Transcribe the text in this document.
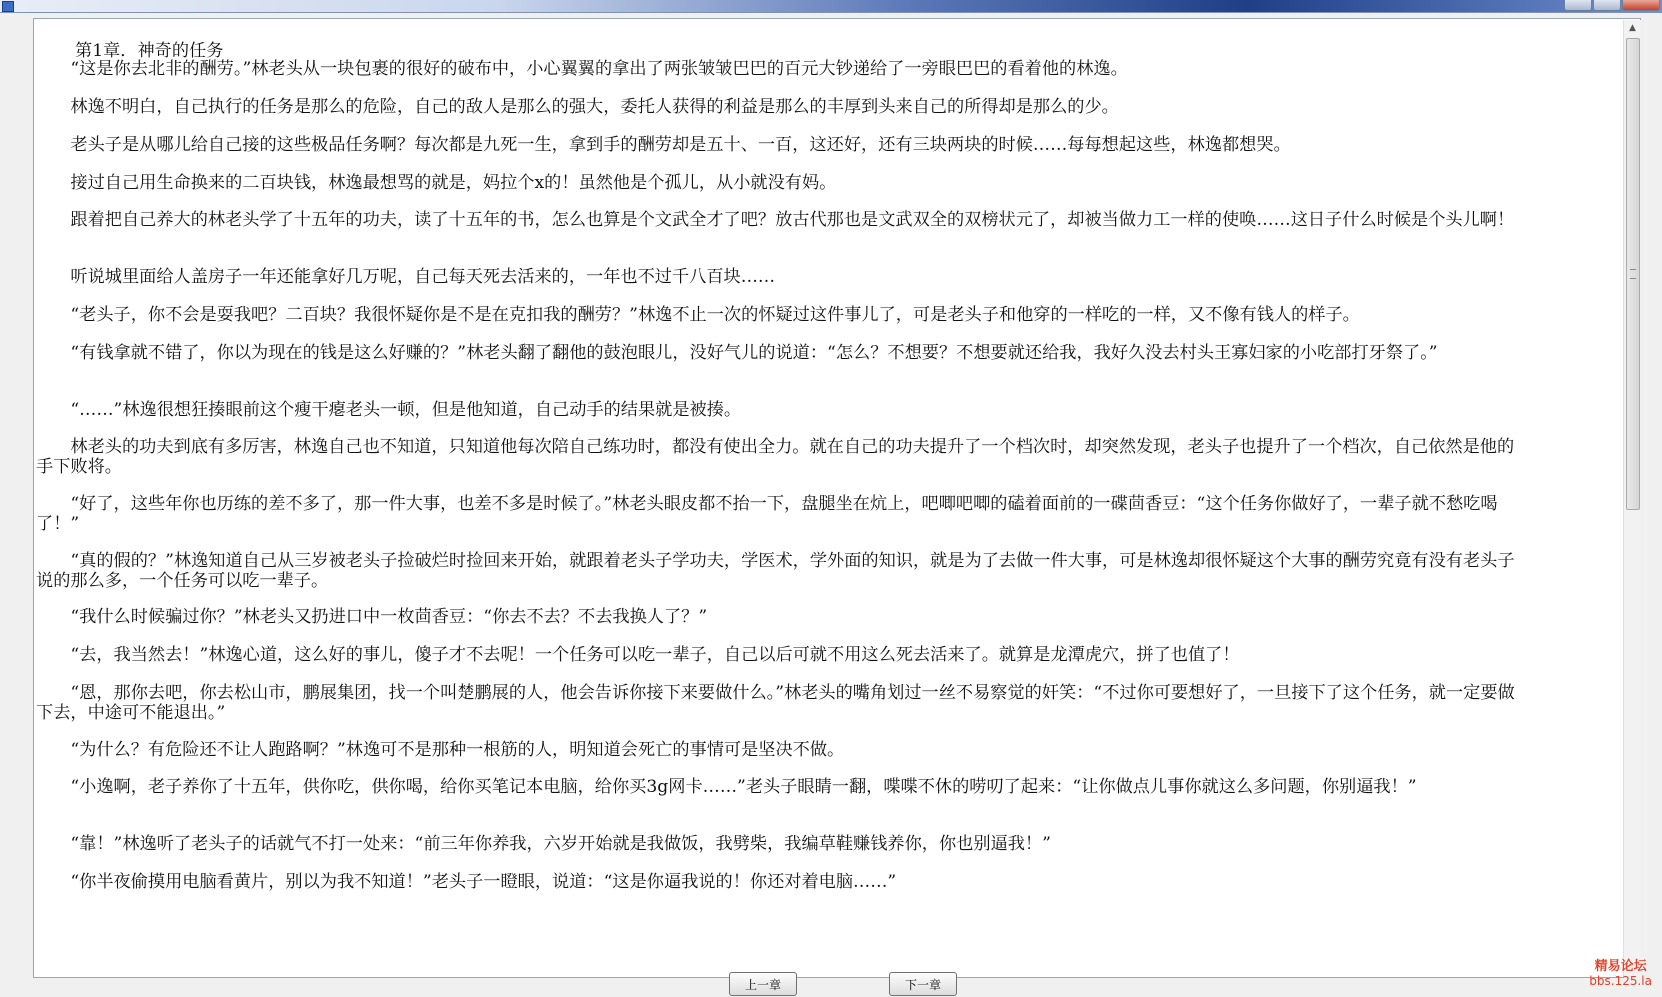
第1章．神奇的任务

“这是你去北非的酬劳。”林老头从一块包裹的很好的破布中，小心翼翼的拿出了两张皱皱巴巴的百元大钞递给了一旁眼巴巴的看着他的林逸。

林逸不明白，自己执行的任务是那么的危险，自己的敌人是那么的强大，委托人获得的利益是那么的丰厚到头来自己的所得却是那么的少。

老头子是从哪儿给自己接的这些极品任务啊？每次都是九死一生，拿到手的酬劳却是五十、一百，这还好，还有三块两块的时候……每每想起这些，林逸都想哭。

接过自己用生命换来的二百块钱，林逸最想骂的就是，妈拉个x的！虽然他是个孤儿，从小就没有妈。

跟着把自己养大的林老头学了十五年的功夫，读了十五年的书，怎么也算是个文武全才了吧？放古代那也是文武双全的双榜状元了，却被当做力工一样的使唤……这日子什么时候是个头儿啊！

听说城里面给人盖房子一年还能拿好几万呢，自己每天死去活来的，一年也不过千八百块……

“老头子，你不会是耍我吧？二百块？我很怀疑你是不是在克扣我的酬劳？”林逸不止一次的怀疑过这件事儿了，可是老头子和他穿的一样吃的一样，又不像有钱人的样子。

“有钱拿就不错了，你以为现在的钱是这么好赚的？”林老头翻了翻他的鼓泡眼儿，没好气儿的说道：“怎么？不想要？不想要就还给我，我好久没去村头王寡妇家的小吃部打牙祭了。”

“……”林逸很想狂揍眼前这个瘦干瘪老头一顿，但是他知道，自己动手的结果就是被揍。

林老头的功夫到底有多厉害，林逸自己也不知道，只知道他每次陪自己练功时，都没有使出全力。就在自己的功夫提升了一个档次时，却突然发现，老头子也提升了一个档次，自己依然是他的手下败将。

“好了，这些年你也历练的差不多了，那一件大事，也差不多是时候了。”林老头眼皮都不抬一下，盘腿坐在炕上，吧唧吧唧的磕着面前的一碟茴香豆：“这个任务你做好了，一辈子就不愁吃喝了！”

“真的假的？”林逸知道自己从三岁被老头子捡破烂时捡回来开始，就跟着老头子学功夫，学医术，学外面的知识，就是为了去做一件大事，可是林逸却很怀疑这个大事的酬劳究竟有没有老头子说的那么多，一个任务可以吃一辈子。

“我什么时候骗过你？”林老头又扔进口中一枚茴香豆：“你去不去？不去我换人了？”

“去，我当然去！”林逸心道，这么好的事儿，傻子才不去呢！一个任务可以吃一辈子，自己以后可就不用这么死去活来了。就算是龙潭虎穴，拼了也值了！

“恩，那你去吧，你去松山市，鹏展集团，找一个叫楚鹏展的人，他会告诉你接下来要做什么。”林老头的嘴角划过一丝不易察觉的奸笑：“不过你可要想好了，一旦接下了这个任务，就一定要做下去，中途可不能退出。”

“为什么？有危险还不让人跑路啊？”林逸可不是那种一根筋的人，明知道会死亡的事情可是坚决不做。

“小逸啊，老子养你了十五年，供你吃，供你喝，给你买笔记本电脑，给你买3g网卡……”老头子眼睛一翻，喋喋不休的唠叨了起来：“让你做点儿事你就这么多问题，你别逼我！”

“靠！”林逸听了老头子的话就气不打一处来：“前三年你养我，六岁开始就是我做饭，我劈柴，我编草鞋赚钱养你，你也别逼我！”

“你半夜偷摸用电脑看黄片，别以为我不知道！”老头子一瞪眼，说道：“这是你逼我说的！你还对着电脑……”

▲
上一章	下一章
精易论坛
bbs.125.la
